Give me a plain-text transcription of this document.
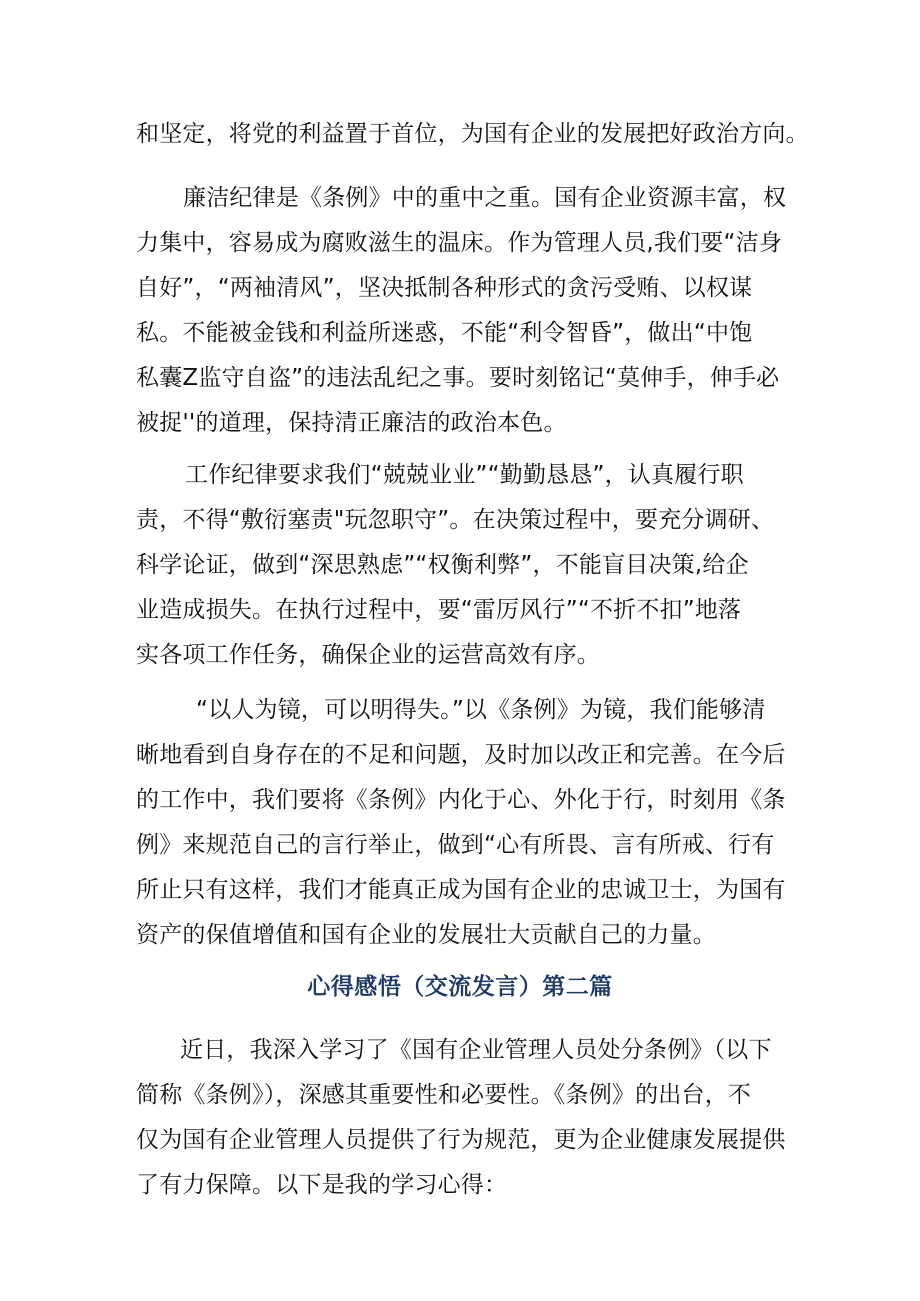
和坚定，将党的利益置于首位，为国有企业的发展把好政治方向。
廉洁纪律是《条例》中的重中之重。国有企业资源丰富，权
力集中，容易成为腐败滋生的温床。作为管理人员,我们要“洁身
自好”，“两袖清风”，坚决抵制各种形式的贪污受贿、以权谋
私。不能被金钱和利益所迷惑，不能“利令智昏”，做出“中饱
私囊Z监守自盗”的违法乱纪之事。要时刻铭记“莫伸手，伸手必
被捉''的道理，保持清正廉洁的政治本色。
工作纪律要求我们“兢兢业业”“勤勤恳恳”，认真履行职
责，不得“敷衍塞责"玩忽职守”。在决策过程中，要充分调研、
科学论证，做到“深思熟虑”“权衡利弊”，不能盲目决策,给企
业造成损失。在执行过程中，要“雷厉风行”“不折不扣”地落
实各项工作任务，确保企业的运营高效有序。
“以人为镜，可以明得失。”以《条例》为镜，我们能够清
晰地看到自身存在的不足和问题，及时加以改正和完善。在今后
的工作中，我们要将《条例》内化于心、外化于行，时刻用《条
例》来规范自己的言行举止，做到“心有所畏、言有所戒、行有
所止只有这样，我们才能真正成为国有企业的忠诚卫士，为国有
资产的保值增值和国有企业的发展壮大贡献自己的力量。
心得感悟（交流发言）第二篇
近日，我深入学习了《国有企业管理人员处分条例》（以下
简称《条例》），深感其重要性和必要性。《条例》的出台，不
仅为国有企业管理人员提供了行为规范，更为企业健康发展提供
了有力保障。以下是我的学习心得：
